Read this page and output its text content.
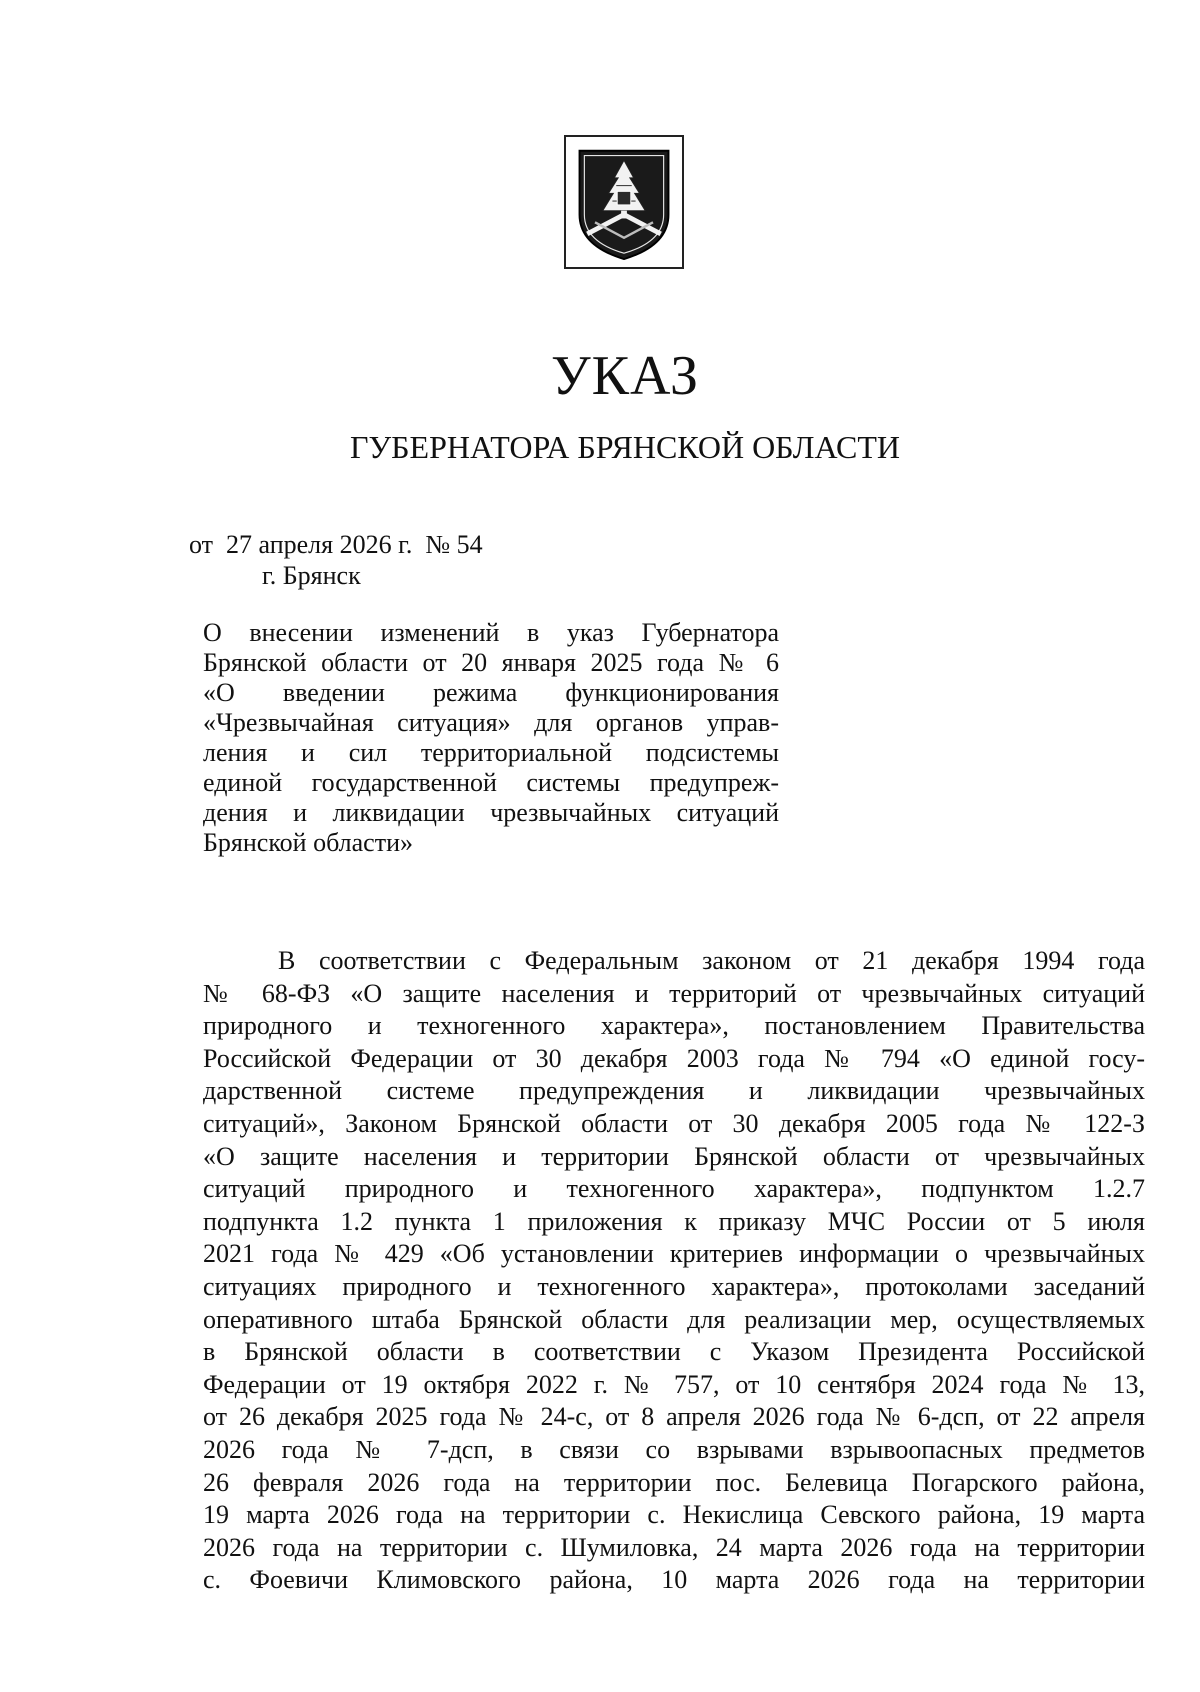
УКАЗ
ГУБЕРНАТОРА БРЯНСКОЙ ОБЛАСТИ
от  27 апреля 2026 г.  № 54
г. Брянск
О внесении изменений в указ Губернатора
Брянской области от 20 января 2025 года № 6
«О введении режима функционирования
«Чрезвычайная ситуация» для органов управ-
ления и сил территориальной подсистемы
единой государственной системы предупреж-
дения и ликвидации чрезвычайных ситуаций
Брянской области»
В соответствии с Федеральным законом от 21 декабря 1994 года
№ 68-ФЗ «О защите населения и территорий от чрезвычайных ситуаций
природного и техногенного характера», постановлением Правительства
Российской Федерации от 30 декабря 2003 года № 794 «О единой госу-
дарственной системе предупреждения и ликвидации чрезвычайных
ситуаций», Законом Брянской области от 30 декабря 2005 года № 122-З
«О защите населения и территории Брянской области от чрезвычайных
ситуаций природного и техногенного характера», подпунктом 1.2.7
подпункта 1.2 пункта 1 приложения к приказу МЧС России от 5 июля
2021 года № 429 «Об установлении критериев информации о чрезвычайных
ситуациях природного и техногенного характера», протоколами заседаний
оперативного штаба Брянской области для реализации мер, осуществляемых
в Брянской области в соответствии с Указом Президента Российской
Федерации от 19 октября 2022 г. № 757, от 10 сентября 2024 года № 13,
от 26 декабря 2025 года № 24-с, от 8 апреля 2026 года № 6-дсп, от 22 апреля
2026 года № 7-дсп, в связи со взрывами взрывоопасных предметов
26 февраля 2026 года на территории пос. Белевица Погарского района,
19 марта 2026 года на территории с. Некислица Севского района, 19 марта
2026 года на территории с. Шумиловка, 24 марта 2026 года на территории
с. Фоевичи Климовского района, 10 марта 2026 года на территории
